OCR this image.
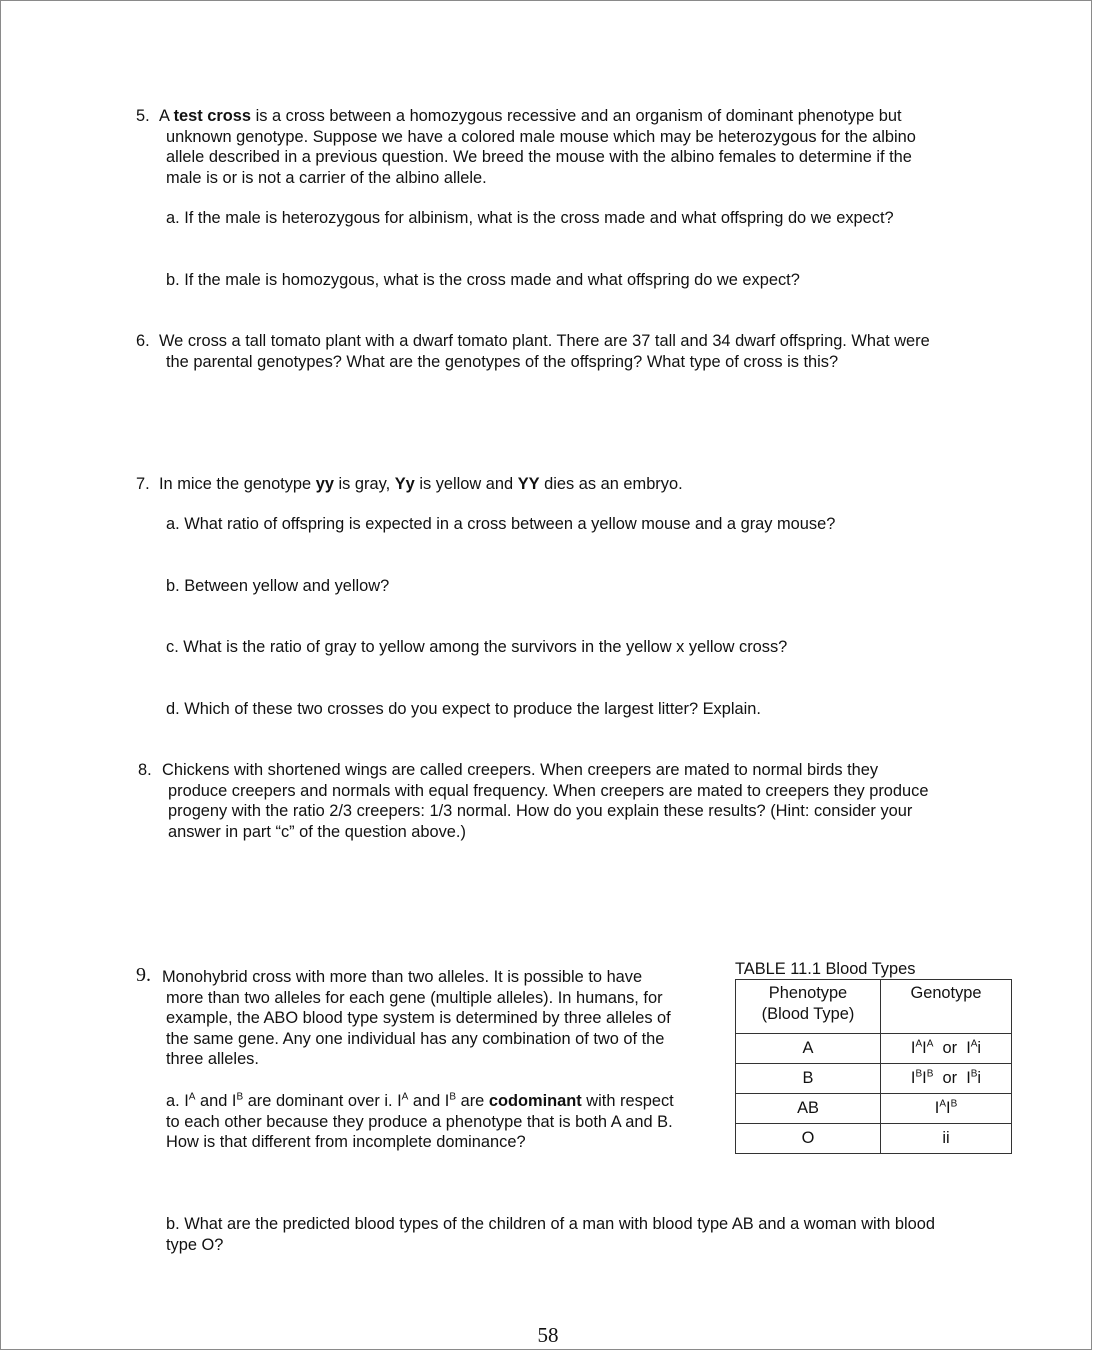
5. A test cross is a cross between a homozygous recessive and an organism of dominant phenotype but
unknown genotype. Suppose we have a colored male mouse which may be heterozygous for the albino
allele described in a previous question. We breed the mouse with the albino females to determine if the
male is or is not a carrier of the albino allele.
a. If the male is heterozygous for albinism, what is the cross made and what offspring do we expect?
b. If the male is homozygous, what is the cross made and what offspring do we expect?
6. We cross a tall tomato plant with a dwarf tomato plant. There are 37 tall and 34 dwarf offspring. What were
the parental genotypes? What are the genotypes of the offspring? What type of cross is this?
7. In mice the genotype yy is gray, Yy is yellow and YY dies as an embryo.
a. What ratio of offspring is expected in a cross between a yellow mouse and a gray mouse?
b. Between yellow and yellow?
c. What is the ratio of gray to yellow among the survivors in the yellow x yellow cross?
d. Which of these two crosses do you expect to produce the largest litter? Explain.
8. Chickens with shortened wings are called creepers. When creepers are mated to normal birds they
produce creepers and normals with equal frequency. When creepers are mated to creepers they produce
progeny with the ratio 2/3 creepers: 1/3 normal. How do you explain these results? (Hint: consider your
answer in part “c” of the question above.)
9. Monohybrid cross with more than two alleles. It is possible to have
more than two alleles for each gene (multiple alleles). In humans, for
example, the ABO blood type system is determined by three alleles of
the same gene. Any one individual has any combination of two of the
three alleles.
a. $I^A$ and $I^B$ are dominant over i. $I^A$ and $I^B$ are codominant with respect
to each other because they produce a phenotype that is both A and B.
How is that different from incomplete dominance?
TABLE 11.1 Blood Types
Phenotype
(Blood Type)	Genotype
A	$I^AI^A$  or  $I^Ai$
B	$I^BI^B$  or  $I^Bi$
AB	$I^AI^B$
O	ii
b. What are the predicted blood types of the children of a man with blood type AB and a woman with blood
type O?
58
